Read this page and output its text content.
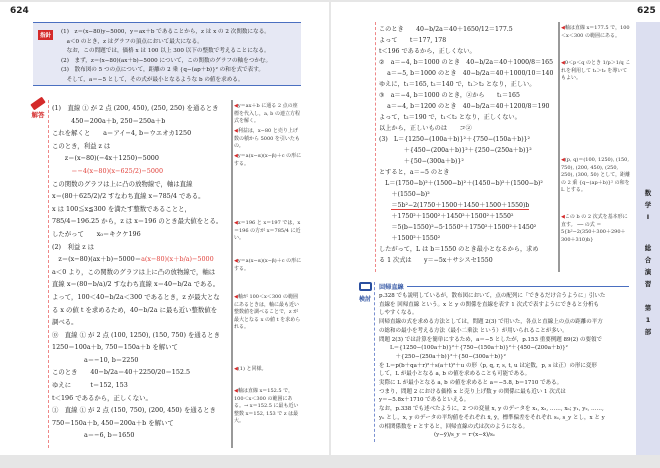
624
指針
(1)　z＝(x−80)y−5000，y＝ax＋b であることから，z は x の 2 次関数になる。
　a＜0 のとき，z はグラフの頂点において最大になる。
　なお，この問題では，価格 x は 100 以上 300 以下の整数で考えることになる。
(2)　まず，z＝(x−80)(ax＋b)−5000 について，この関数のグラフの軸をつかむ。
(3)　散布図の 5 つの点について，距離の 2 乗 {q−(ap＋b)}² の和を式で表す。
　そして，a＝−5 として，その式が最小となるような b の値を求める。
解答
(1)　直線 ① が 2 点 (200, 450), (250, 250) を通るとき
　　　450＝200a＋b, 250＝250a＋b
これを解くと　　a＝アイ−4, b＝ウエオカ1250
このとき，利益 z は
　　z＝(x−80)(−4x＋1250)−5000
　　　＝−4(x−80)(x−625/2)−5000
この関数のグラフは上に凸の放物線で，軸は直線
x＝(80＋625/2)/2 すなわち直線 x＝785/4 である。
x は 100≦x≦300 を満たす整数であることと，
785/4＝196.25 から，z は x＝196 のとき最大値をとる。
したがって　　x₀＝キクケ196
(2)　利益 z は
　z＝(x−80)(ax＋b)−5000＝a(x−80)(x＋b/a)−5000
a＜0 より，この関数のグラフは上に凸の放物線で，軸は
直線 x＝(80−b/a)/2 すなわち直線 x＝40−b/2a である。
よって，100＜40−b/2a＜300 であるとき，z が最大とな
る x の値 t を求めるため，40−b/2a に最も近い整数値を
調べる。
⓪　直線 ① が 2 点 (100, 1250), (150, 750) を通るとき
1250＝100a＋b, 750＝150a＋b を解いて
　　　　　a＝−10, b＝2250
このとき　　40−b/2a＝40＋2250/20＝152.5
ゆえに　　　t＝152, 153
t＜196 であるから，正しくない。
①　直線 ① が 2 点 (150, 750), (200, 450) を通るとき
750＝150a＋b, 450＝200a＋b を解いて
　　　　　a＝−6, b＝1650
◀ y＝ax＋b に通る 2 点の座標を代入し，a, b の連立方程式を解く。
◀ 利益は，x−80 と売り上げ数の積から 5000 を引いたもの。
◀ y＝a(x−α)(x−β)＋c の形にする。
◀ x＝196 と x＝197 では，x＝196 の方が x＝785/4 に近い。
◀ y＝a(x−α)(x−β)＋c の形にする。
◀ 軸が 100＜x＜300 の範囲にあるときは，軸に最も近い整数値を調べることで，z が最大となる x の値 t を求められる。
◀ (1) と同様。
◀ 軸は直線 x＝152.5 で，100＜x＜300 の範囲にある。→ x＝152.5 に最も近い整数 x＝152, 153 で z は最大。
625
数
学
Ⅰ
総
合
演
習
第
1
部
このとき　　40−b/2a＝40＋1650/12＝177.5
よって　　t＝177, 178
t＜196 であるから，正しくない。
②　a＝−4, b＝1000 のとき　40−b/2a＝40＋1000/8＝165
　 a＝−5, b＝1000 のとき　40−b/2a＝40＋1000/10＝140
ゆえに，t₁＝165, t₂＝140 で，t₁＞t₂ となり，正しい。
③　a＝−4, b＝1000 のとき，②から　　t₁＝165
　 a＝−4, b＝1200 のとき　40−b/2a＝40＋1200/8＝190
よって，t₂＝190 で，t₁＜t₂ となり，正しくない。
以上から，正しいものは　　コ②
(3)　L＝{1250−(100a＋b)}²＋{750−(150a＋b)}²
　　　　＋{450−(200a＋b)}²＋{250−(250a＋b)}²
　　　　＋{50−(300a＋b)}²
とすると，a＝−5 のとき
　L＝(1750−b)²＋(1500−b)²＋(1450−b)²＋(1500−b)²
　　＋(1550−b)²
　　＝5b²−2(1750＋1500＋1450＋1500＋1550)b
　　＋1750²＋1500²＋1450²＋1500²＋1550²
　　＝5(b−1550)²−5·1550²＋1750²＋1500²＋1450²
　　＋1500²＋1550²
したがって，L は b＝1550 のとき最小となるから，求め
る 1 次式は　　y＝−5x＋サシスセ1550
◀ 軸は直線 x＝177.5 で，100＜x＜300 の範囲にある。
◀ 0＜p＜q のとき 1/p＞1/q これを利用して t₁＞t₂ を導いてもよい。
◀ (p, q)＝(100, 1250), (150, 750), (200, 450), (250, 250), (300, 50) として，距離の 2 乗 {q−(ap＋b)}² の和を L とする。
◀ この b の 2 次式を基本形に直す。 ── の式 ＝5{b²−2(350＋300＋290＋300＋310)b}
検討
回帰直線
p.328 でも説明しているが，散布図において，点の配列に「できるだけ合うように」引いた
直線を 回帰直線 という。x と y の関係を直線を表す 1 次式で表すようにできると分析も
しやすくなる。
回帰直線の式を求める方法としては，問題 2(3) で用いた，各点と直線上の点の距離の平方
の総和の最小を考える方法（最小二乗法 という）が用いられることが多い。
問題 2(3) では計算を簡単にするため，a＝−5 としたが，p.153 重要例題 89(2) の要領で
　　L＝{1250−(100a＋b)}²＋{750−(150a＋b)}²＋{450−(200a＋b)}²
　　　＋{250−(250a＋b)}²＋{50−(300a＋b)}²
を L＝p(b＋qa＋r)²＋s(a＋t)²＋u の形（p, q, r, s, t, u は定数，p, s は正）の形に変形
して，L が最小となる a, b の値を求めることも可能である。
実際に L が最小となる a, b の値を求めると a＝−5.8, b＝1710 である。
つまり，問題 2 における価格 x と売り上げ数 y の関係に最も近い 1 次式は
y＝−5.8x＋1710 であるといえる。
なお，p.338 でも述べたように，2 つの変量 x, y のデータを x₁, x₂, ……, xₙ; y₁, y₂, ……,
yₙ とし，x, y のデータの平均値をそれぞれ x̄, ȳ，標準偏差をそれぞれ sₓ, s_y とし，x と y
の相関係数を r とすると，回帰直線の式は次のようになる。
　　　　　　　　　　(y−ȳ)/s_y ＝ r·(x−x̄)/sₓ
